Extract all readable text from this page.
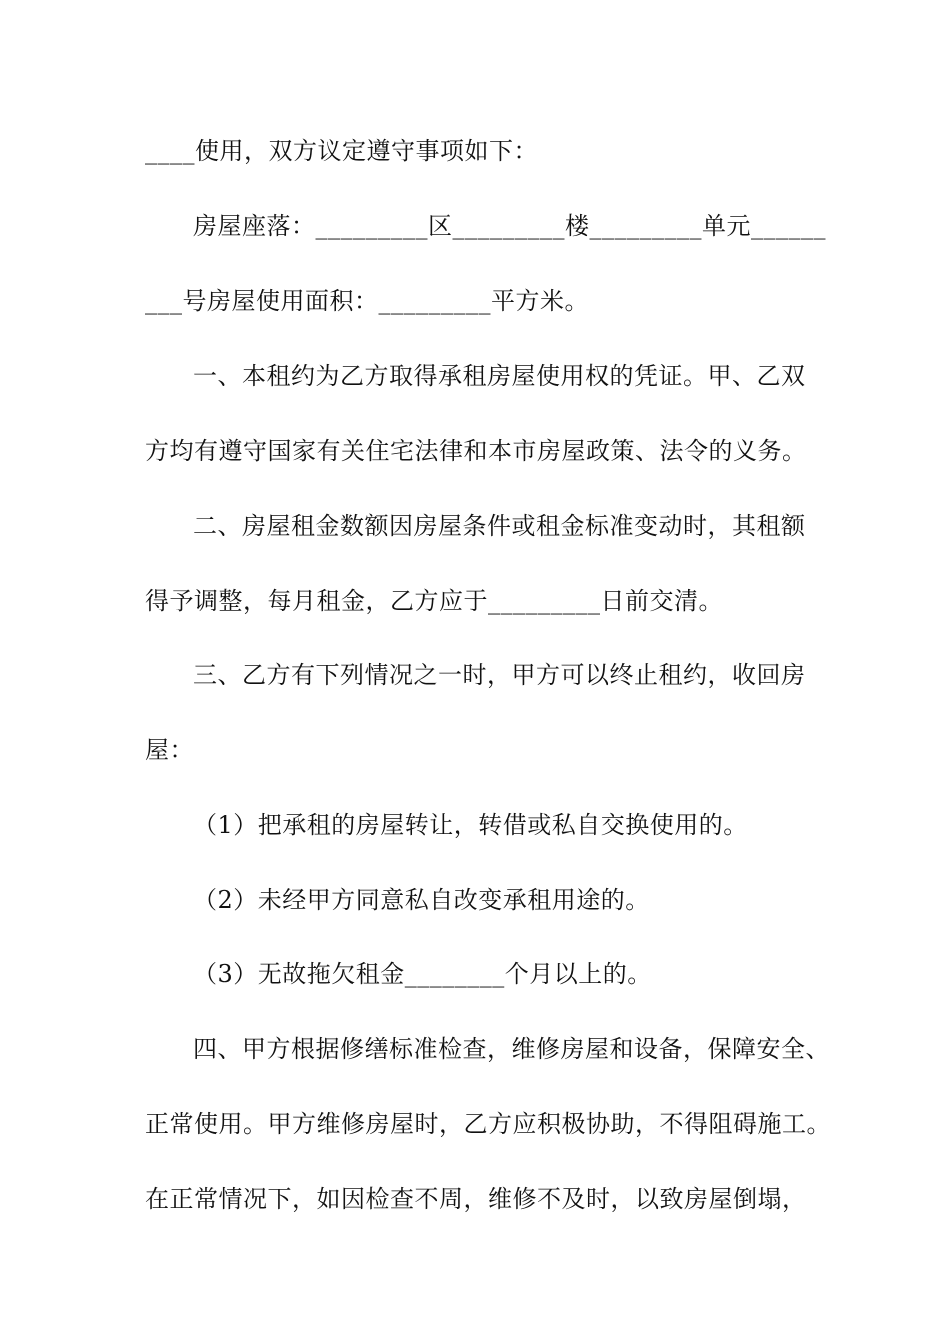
____使用，双方议定遵守事项如下：
房屋座落：_________区_________楼_________单元______
___号房屋使用面积：_________平方米。
一、本租约为乙方取得承租房屋使用权的凭证。甲、乙双
方均有遵守国家有关住宅法律和本市房屋政策、法令的义务。
二、房屋租金数额因房屋条件或租金标准变动时，其租额
得予调整，每月租金，乙方应于_________日前交清。
三、乙方有下列情况之一时，甲方可以终止租约，收回房
屋：
（1）把承租的房屋转让，转借或私自交换使用的。
（2）未经甲方同意私自改变承租用途的。
（3）无故拖欠租金________个月以上的。
四、甲方根据修缮标准检查，维修房屋和设备，保障安全、
正常使用。甲方维修房屋时，乙方应积极协助，不得阻碍施工。
在正常情况下，如因检查不周，维修不及时，以致房屋倒塌，
